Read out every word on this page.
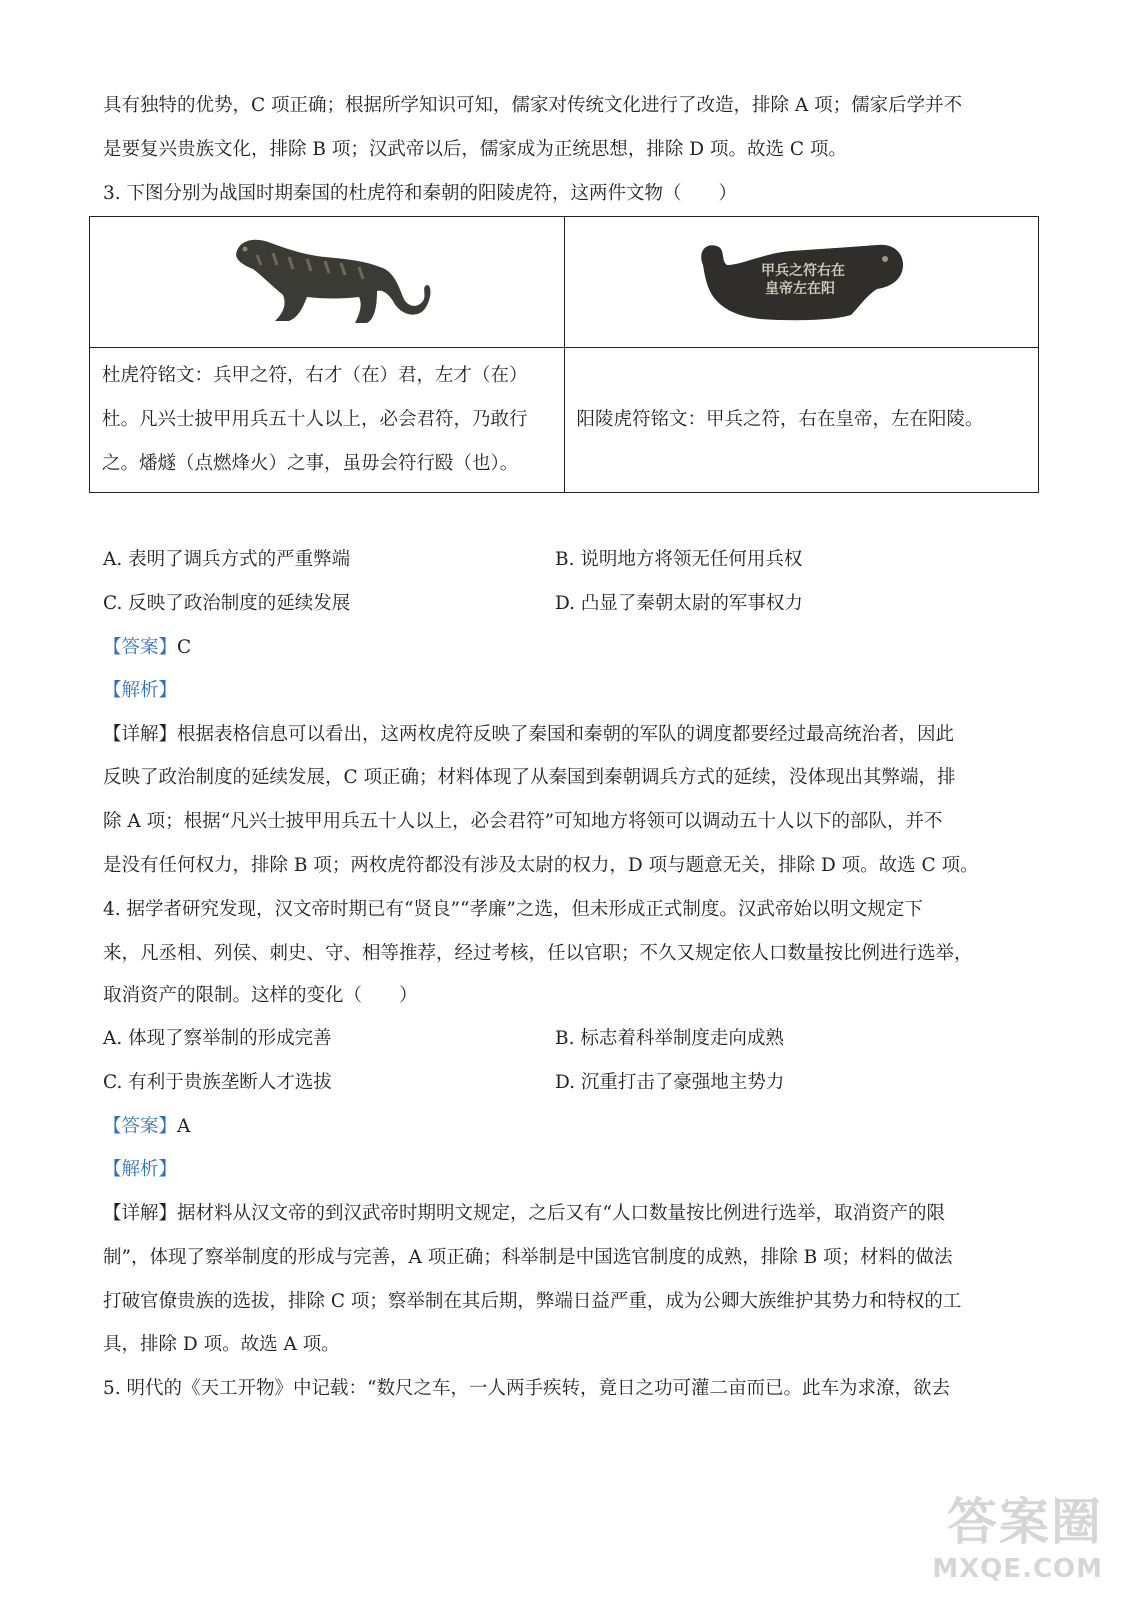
具有独特的优势，C 项正确；根据所学知识可知，儒家对传统文化进行了改造，排除 A 项；儒家后学并不
是要复兴贵族文化，排除 B 项；汉武帝以后，儒家成为正统思想，排除 D 项。故选 C 项。
3. 下图分别为战国时期秦国的杜虎符和秦朝的阳陵虎符，这两件文物（　　）

甲兵之符右在
皇帝左在阳

杜虎符铭文：兵甲之符，右才（在）君，左才（在）
杜。凡兴士披甲用兵五十人以上，必会君符，乃敢行
之。燔燧（点燃烽火）之事，虽毋会符行殹（也）。	阳陵虎符铭文：甲兵之符，右在皇帝，左在阳陵。
A. 表明了调兵方式的严重弊端	B. 说明地方将领无任何用兵权
C. 反映了政治制度的延续发展	D. 凸显了秦朝太尉的军事权力
【答案】C
【解析】
【详解】根据表格信息可以看出，这两枚虎符反映了秦国和秦朝的军队的调度都要经过最高统治者，因此
反映了政治制度的延续发展，C 项正确；材料体现了从秦国到秦朝调兵方式的延续，没体现出其弊端，排
除 A 项；根据“凡兴士披甲用兵五十人以上，必会君符”可知地方将领可以调动五十人以下的部队，并不
是没有任何权力，排除 B 项；两枚虎符都没有涉及太尉的权力，D 项与题意无关，排除 D 项。故选 C 项。
4. 据学者研究发现，汉文帝时期已有“贤良”“孝廉”之选，但未形成正式制度。汉武帝始以明文规定下
来，凡丞相、列侯、刺史、守、相等推荐，经过考核，任以官职；不久又规定依人口数量按比例进行选举，
取消资产的限制。这样的变化（　　）
A. 体现了察举制的形成完善	B. 标志着科举制度走向成熟
C. 有利于贵族垄断人才选拔	D. 沉重打击了豪强地主势力
【答案】A
【解析】
【详解】据材料从汉文帝的到汉武帝时期明文规定，之后又有“人口数量按比例进行选举，取消资产的限
制”，体现了察举制度的形成与完善，A 项正确；科举制是中国选官制度的成熟，排除 B 项；材料的做法
打破官僚贵族的选拔，排除 C 项；察举制在其后期，弊端日益严重，成为公卿大族维护其势力和特权的工
具，排除 D 项。故选 A 项。
5. 明代的《天工开物》中记载：“数尺之车，一人两手疾转，竟日之功可灌二亩而已。此车为求潦，欲去
答案圈
MXQE.COM
